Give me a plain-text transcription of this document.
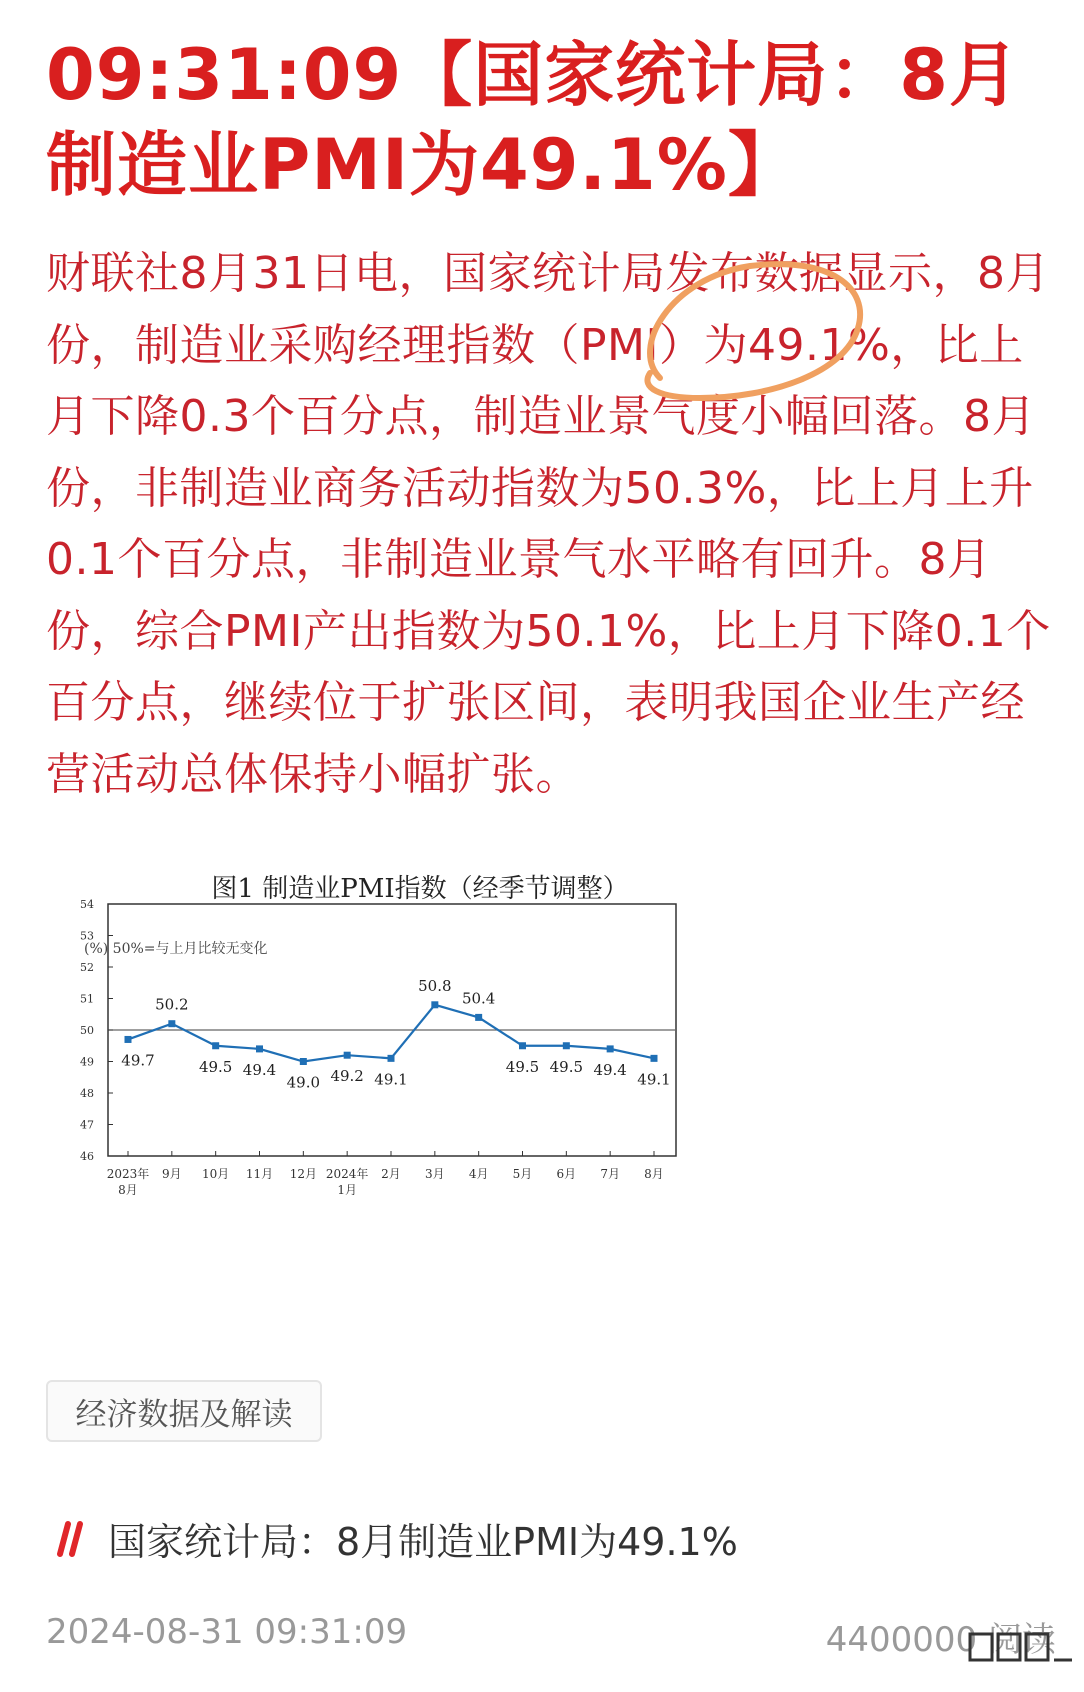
09:31:09【国家统计局：8月制造业PMI为49.1%】

财联社8月31日电，国家统计局发布数据显示，8月份，制造业采购经理指数（PMI）为49.1%，比上月下降0.3个百分点，制造业景气度小幅回落。8月份，非制造业商务活动指数为50.3%，比上月上升0.1个百分点，非制造业景气水平略有回升。8月份，综合PMI产出指数为50.1%，比上月下降0.1个百分点，继续位于扩张区间，表明我国企业生产经营活动总体保持小幅扩张。

图1 制造业PMI指数（经季节调整）
(%) 50%=与上月比较无变化
54
53
52
51
50
49
48
47
46
2023年
8月
9月 10月 11月 12月 2024年
1月
2月 3月 4月 5月 6月 7月 8月
49.7
50.2
49.5 49.4
49.0 49.2 49.1
50.8
50.4
49.5 49.5 49.4
49.1
经济数据及解读
国家统计局：8月制造业PMI为49.1%
2024-08-31 09:31:09	4400000 阅读
